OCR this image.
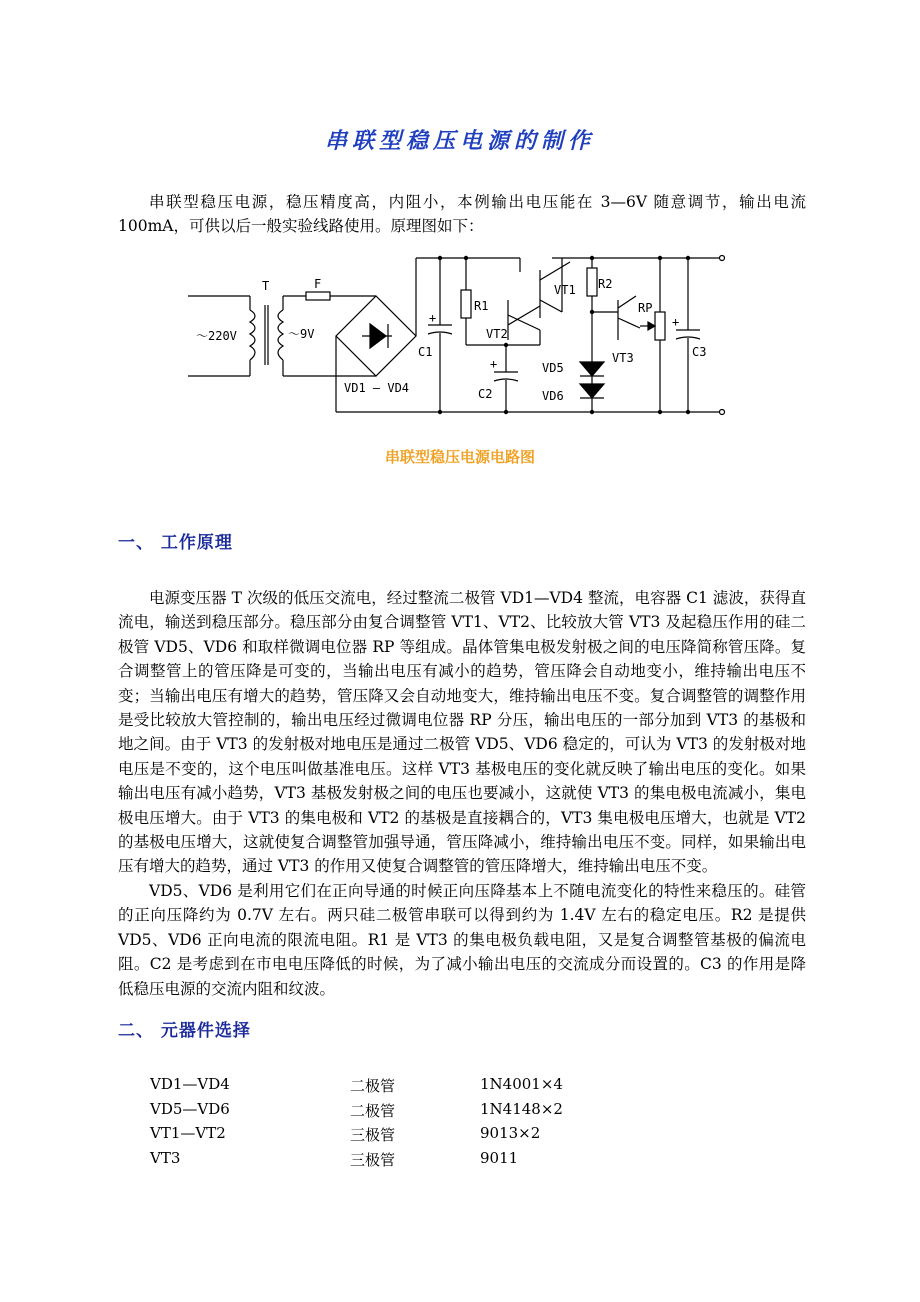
串联型稳压电源的制作

串联型稳压电源，稳压精度高，内阻小，本例输出电压能在 3—6V 随意调节，输出电流 100mA，可供以后一般实验线路使用。原理图如下：

～220V
T
～9V
F
VD1 — VD4
C1
+
R1
VT2
C2
+
VT1 R2
VD5
VD6
VT3
RP
C3
+
串联型稳压电源电路图
一、 工作原理

电源变压器 T 次级的低压交流电，经过整流二极管 VD1—VD4 整流，电容器 C1 滤波，获得直流电，输送到稳压部分。稳压部分由复合调整管 VT1、VT2、比较放大管 VT3 及起稳压作用的硅二极管 VD5、VD6 和取样微调电位器 RP 等组成。晶体管集电极发射极之间的电压降简称管压降。复合调整管上的管压降是可变的，当输出电压有减小的趋势，管压降会自动地变小，维持输出电压不变；当输出电压有增大的趋势，管压降又会自动地变大，维持输出电压不变。复合调整管的调整作用是受比较放大管控制的，输出电压经过微调电位器 RP 分压，输出电压的一部分加到 VT3 的基极和地之间。由于 VT3 的发射极对地电压是通过二极管 VD5、VD6 稳定的，可认为 VT3 的发射极对地电压是不变的，这个电压叫做基准电压。这样 VT3 基极电压的变化就反映了输出电压的变化。如果输出电压有减小趋势，VT3 基极发射极之间的电压也要减小，这就使 VT3 的集电极电流减小，集电极电压增大。由于 VT3 的集电极和 VT2 的基极是直接耦合的，VT3 集电极电压增大，也就是 VT2 的基极电压增大，这就使复合调整管加强导通，管压降减小，维持输出电压不变。同样，如果输出电压有增大的趋势，通过 VT3 的作用又使复合调整管的管压降增大，维持输出电压不变。

VD5、VD6 是利用它们在正向导通的时候正向压降基本上不随电流变化的特性来稳压的。硅管的正向压降约为 0.7V 左右。两只硅二极管串联可以得到约为 1.4V 左右的稳定电压。R2 是提供 VD5、VD6 正向电流的限流电阻。R1 是 VT3 的集电极负载电阻，又是复合调整管基极的偏流电阻。C2 是考虑到在市电电压降低的时候，为了减小输出电压的交流成分而设置的。C3 的作用是降低稳压电源的交流内阻和纹波。

二、 元器件选择
VD1—VD4	二极管	1N4001×4
VD5—VD6	二极管	1N4148×2
VT1—VT2	三极管	9013×2
VT3	三极管	9011
